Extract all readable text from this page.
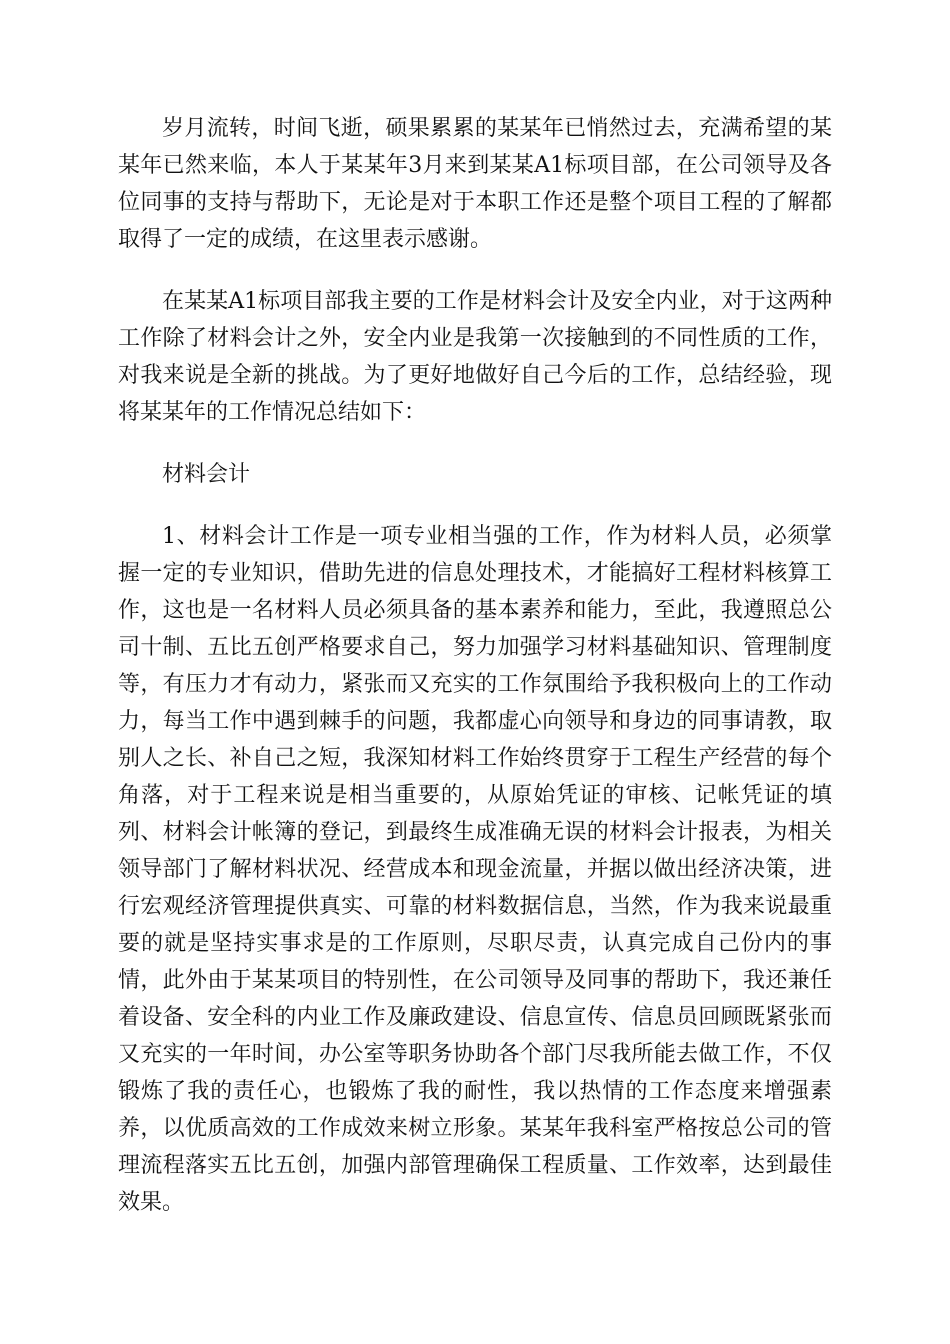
岁月流转，时间飞逝，硕果累累的某某年已悄然过去，充满希望的某某年已然来临，本人于某某年3月来到某某A1标项目部，在公司领导及各位同事的支持与帮助下，无论是对于本职工作还是整个项目工程的了解都取得了一定的成绩，在这里表示感谢。

在某某A1标项目部我主要的工作是材料会计及安全内业，对于这两种工作除了材料会计之外，安全内业是我第一次接触到的不同性质的工作，对我来说是全新的挑战。为了更好地做好自己今后的工作，总结经验，现将某某年的工作情况总结如下：

材料会计

1、材料会计工作是一项专业相当强的工作，作为材料人员，必须掌握一定的专业知识，借助先进的信息处理技术，才能搞好工程材料核算工作，这也是一名材料人员必须具备的基本素养和能力，至此，我遵照总公司十制、五比五创严格要求自己，努力加强学习材料基础知识、管理制度等，有压力才有动力，紧张而又充实的工作氛围给予我积极向上的工作动力，每当工作中遇到棘手的问题，我都虚心向领导和身边的同事请教，取别人之长、补自己之短，我深知材料工作始终贯穿于工程生产经营的每个角落，对于工程来说是相当重要的，从原始凭证的审核、记帐凭证的填列、材料会计帐簿的登记，到最终生成准确无误的材料会计报表，为相关领导部门了解材料状况、经营成本和现金流量，并据以做出经济决策，进行宏观经济管理提供真实、可靠的材料数据信息，当然，作为我来说最重要的就是坚持实事求是的工作原则，尽职尽责，认真完成自己份内的事情，此外由于某某项目的特别性，在公司领导及同事的帮助下，我还兼任着设备、安全科的内业工作及廉政建设、信息宣传、信息员回顾既紧张而又充实的一年时间，办公室等职务协助各个部门尽我所能去做工作，不仅锻炼了我的责任心，也锻炼了我的耐性，我以热情的工作态度来增强素养，以优质高效的工作成效来树立形象。某某年我科室严格按总公司的管理流程落实五比五创，加强内部管理确保工程质量、工作效率，达到最佳效果。
